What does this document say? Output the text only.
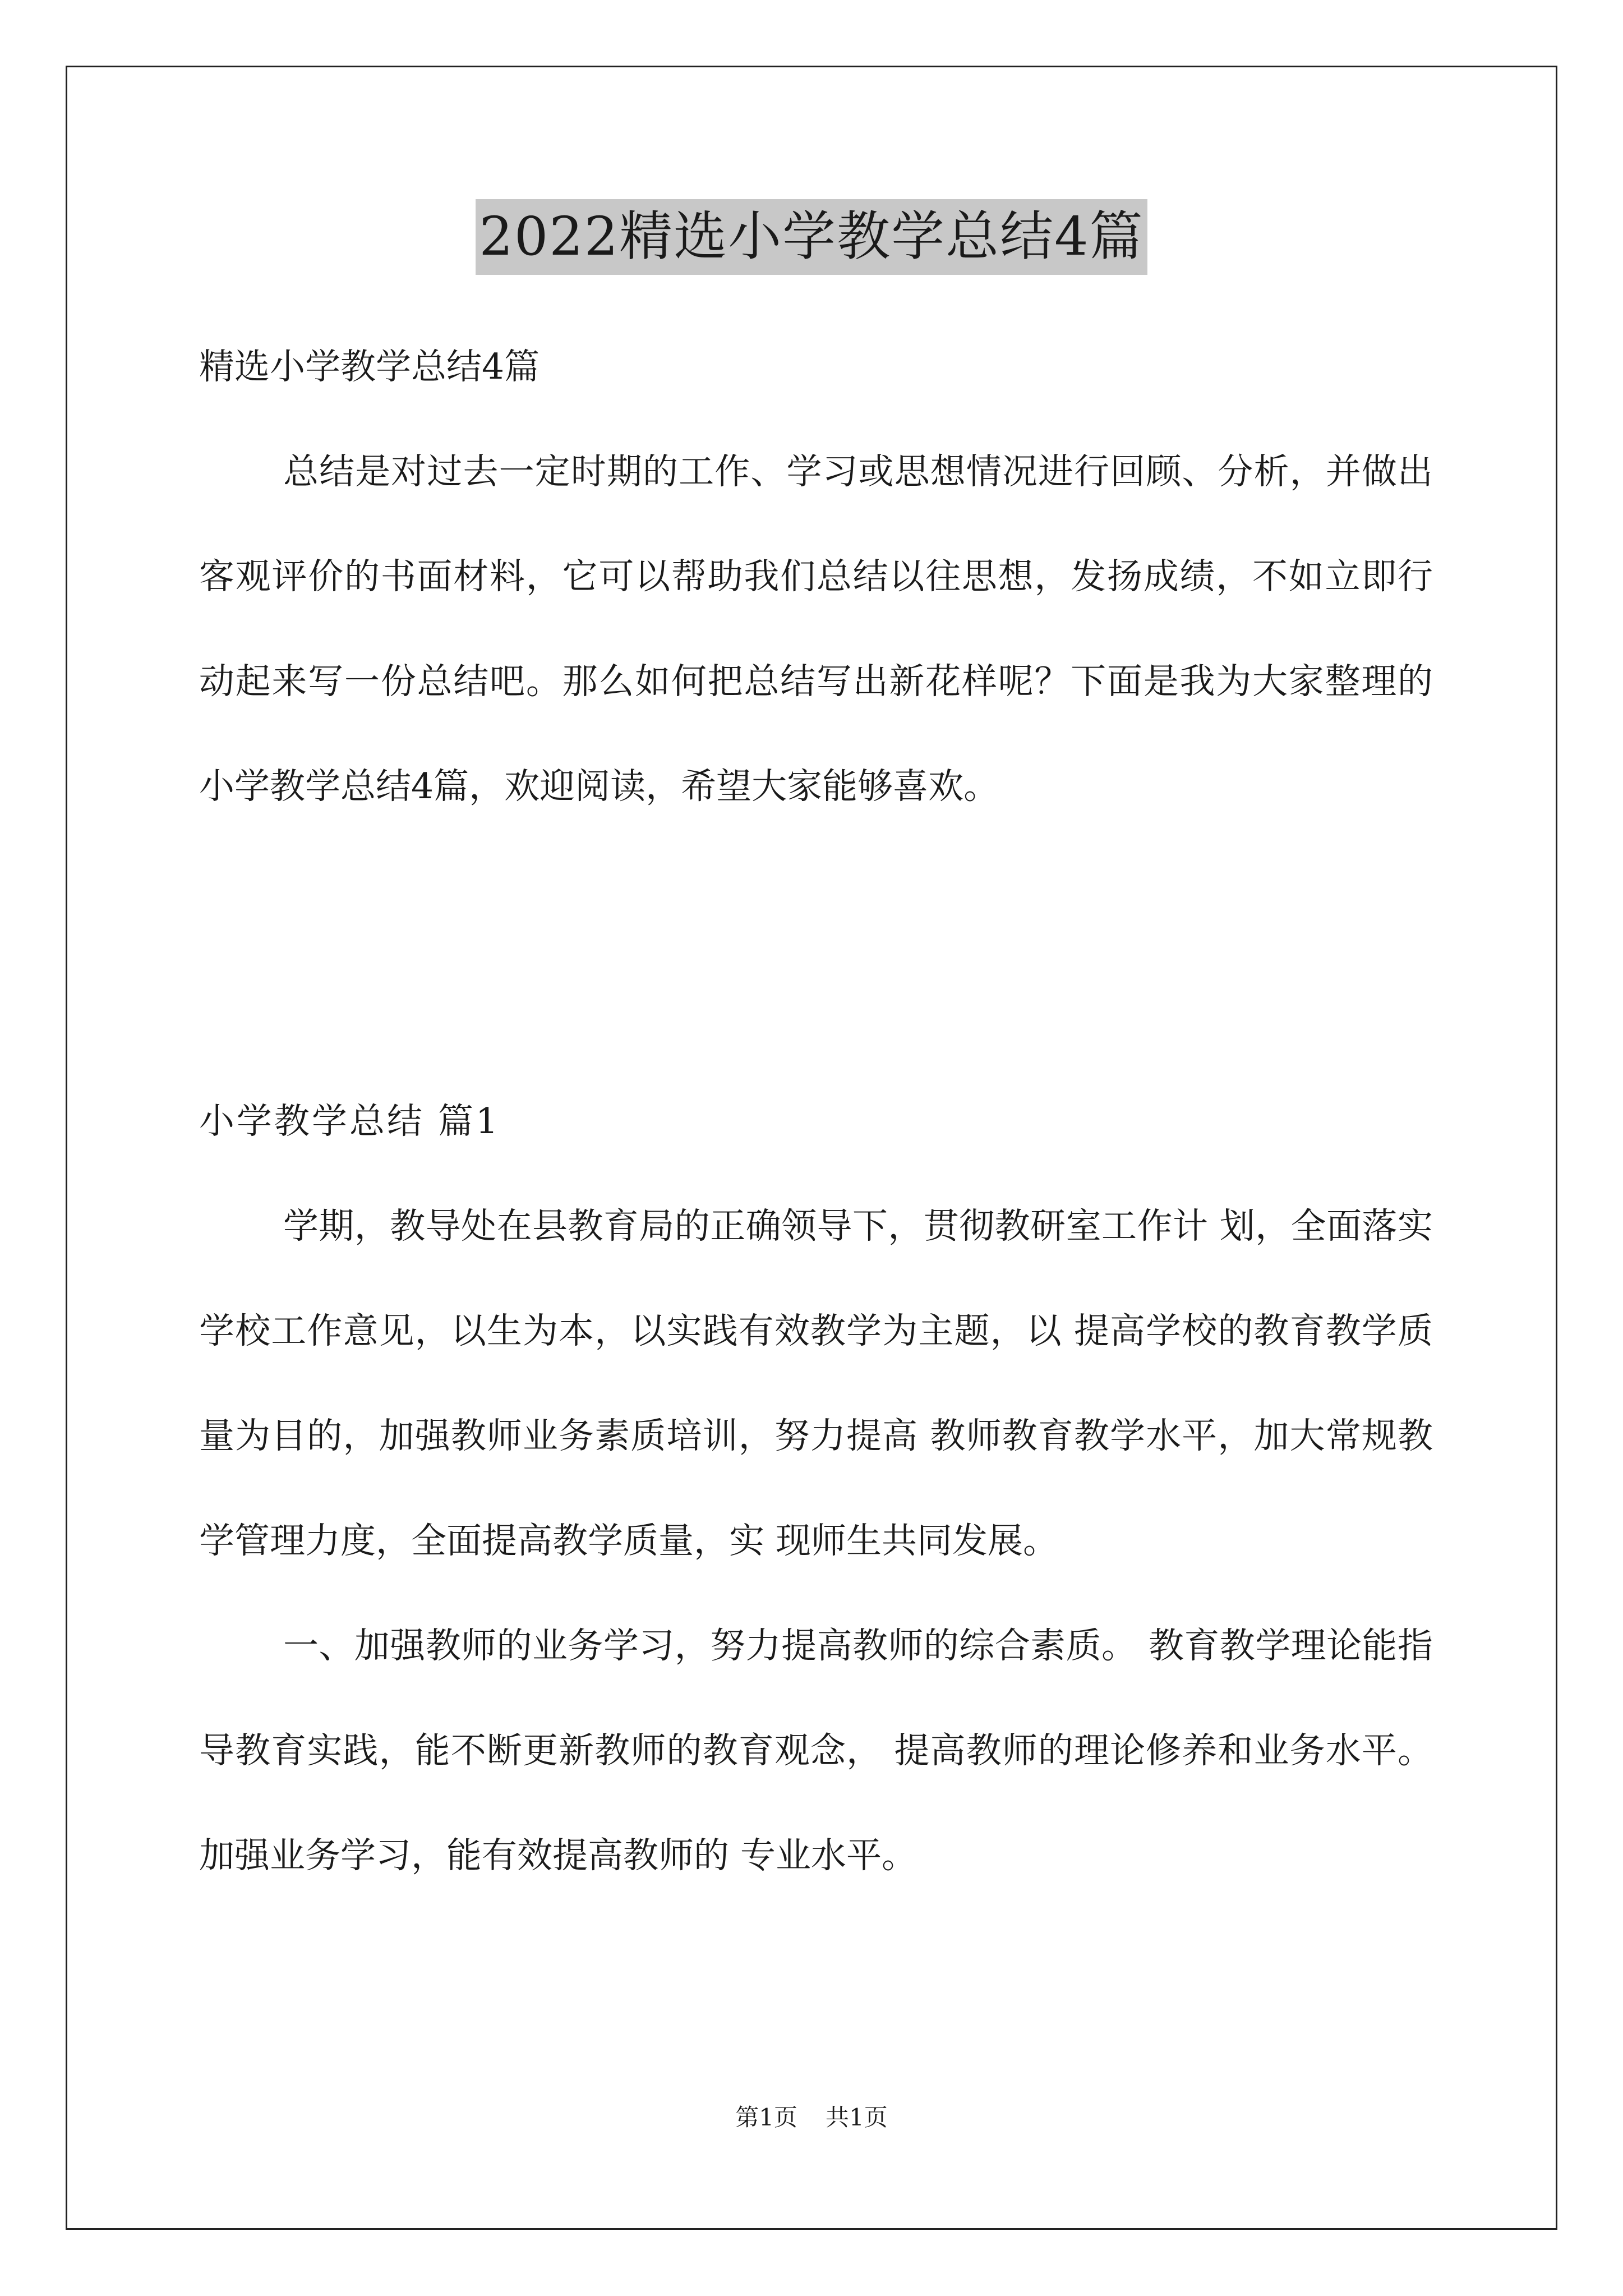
2022精选小学教学总结4篇

精选小学教学总结4篇

总结是对过去一定时期的工作、学习或思想情况进行回顾、分析，并做出客观评价的书面材料，它可以帮助我们总结以往思想，发扬成绩，不如立即行动起来写一份总结吧。那么如何把总结写出新花样呢？下面是我为大家整理的小学教学总结4篇，欢迎阅读，希望大家能够喜欢。

小学教学总结 篇1

学期，教导处在县教育局的正确领导下，贯彻教研室工作计 划，全面落实学校工作意见，以生为本，以实践有效教学为主题，以 提高学校的教育教学质量为目的，加强教师业务素质培训，努力提高 教师教育教学水平，加大常规教学管理力度，全面提高教学质量，实 现师生共同发展。

一、加强教师的业务学习，努力提高教师的综合素质。 教育教学理论能指导教育实践，能不断更新教师的教育观念， 提高教师的理论修养和业务水平。加强业务学习，能有效提高教师的 专业水平。

第1页 共1页
